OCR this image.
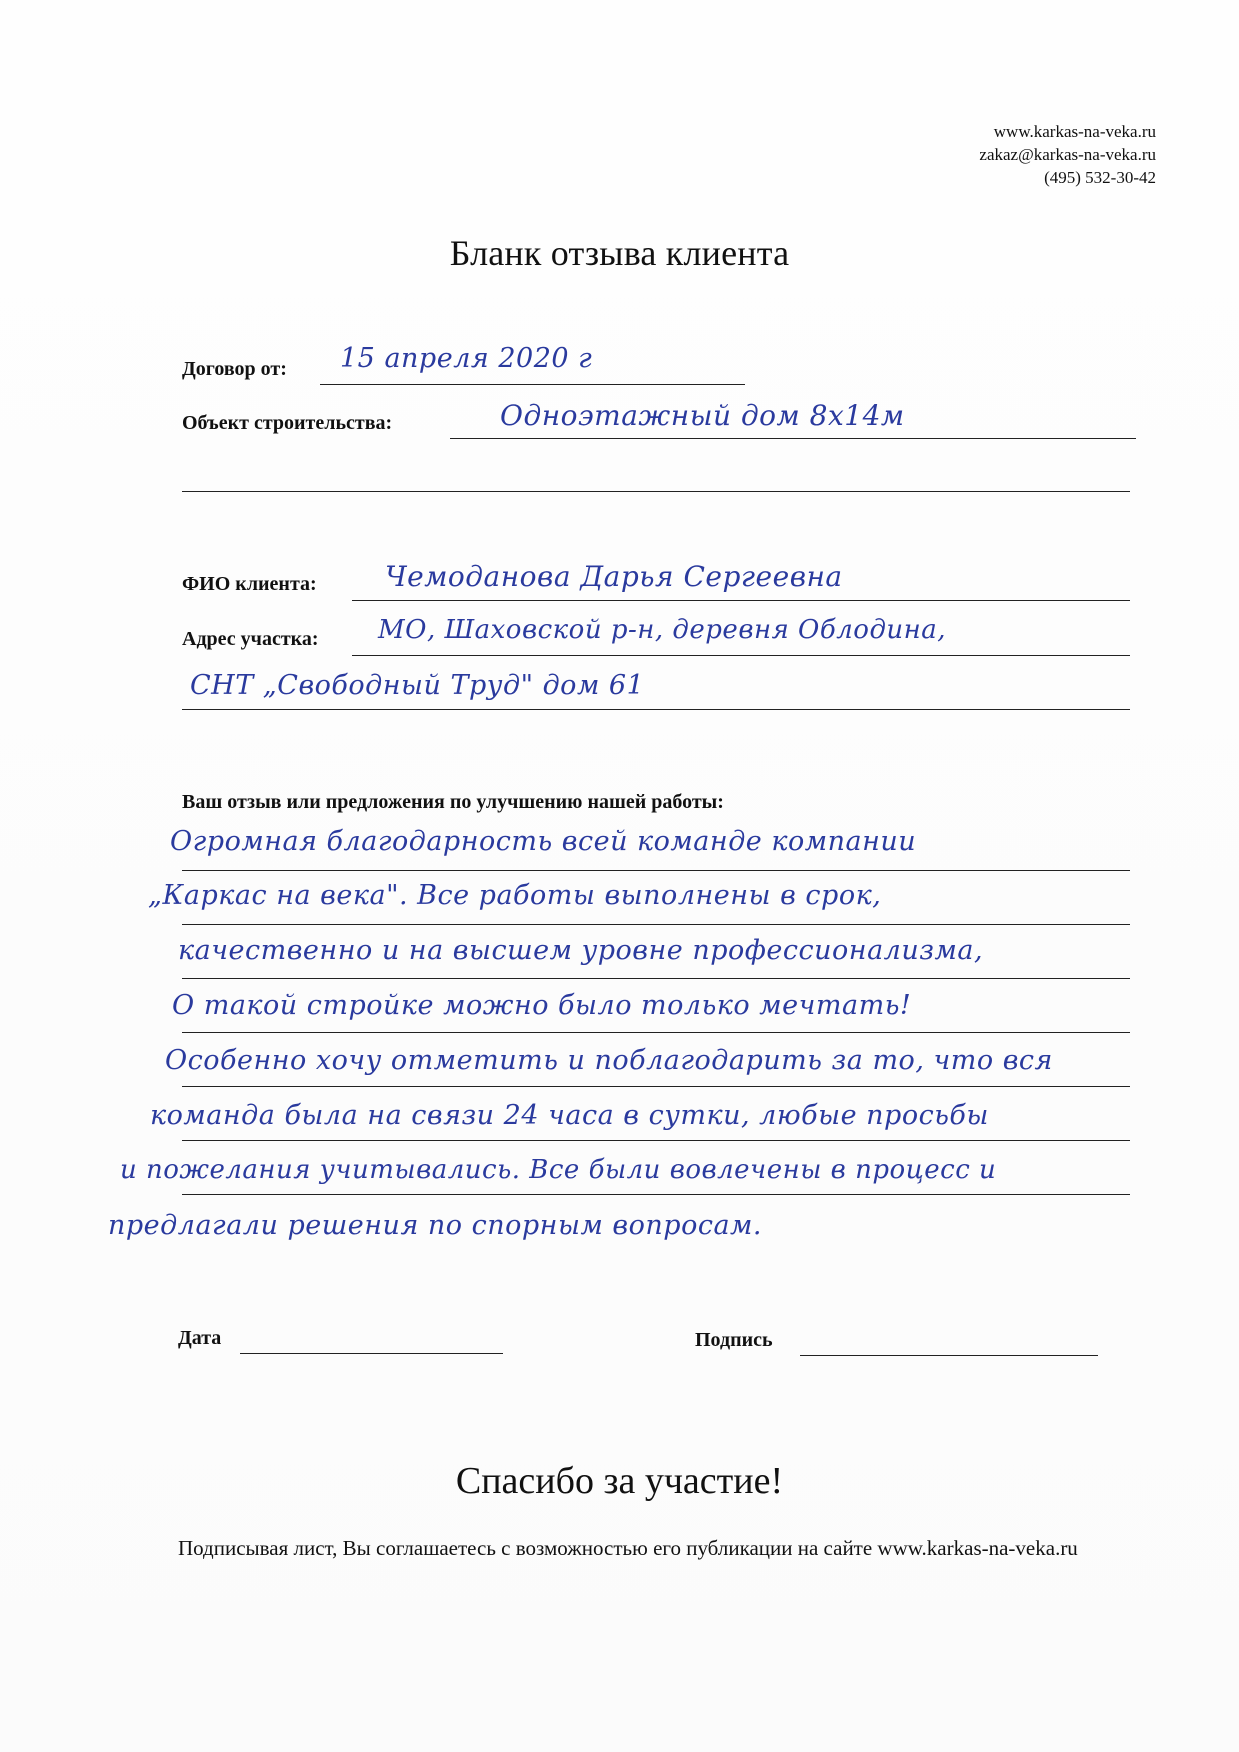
www.karkas-na-veka.ru
zakaz@karkas-na-veka.ru
(495) 532-30-42
Бланк отзыва клиента
Договор от: 15 апреля 2020 г
Объект строительства:	Одноэтажный дом 8х14м
ФИО клиента: Чемоданова Дарья Сергеевна
Адрес участка: МО, Шаховской р-н, деревня Облодина,
СНТ „Свободный Труд" дом 61
Ваш отзыв или предложения по улучшению нашей работы:
Огромная благодарность всей команде компании
„Каркас на века". Все работы выполнены в срок,
качественно и на высшем уровне профессионализма,
О такой стройке можно было только мечтать!
Особенно хочу отметить и поблагодарить за то, что вся
команда была на связи 24 часа в сутки, любые просьбы
и пожелания учитывались. Все были вовлечены в процесс и
предлагали решения по спорным вопросам.
Дата	Подпись
Спасибо за участие!
Подписывая лист, Вы соглашаетесь с возможностью его публикации на сайте www.karkas-na-veka.ru
